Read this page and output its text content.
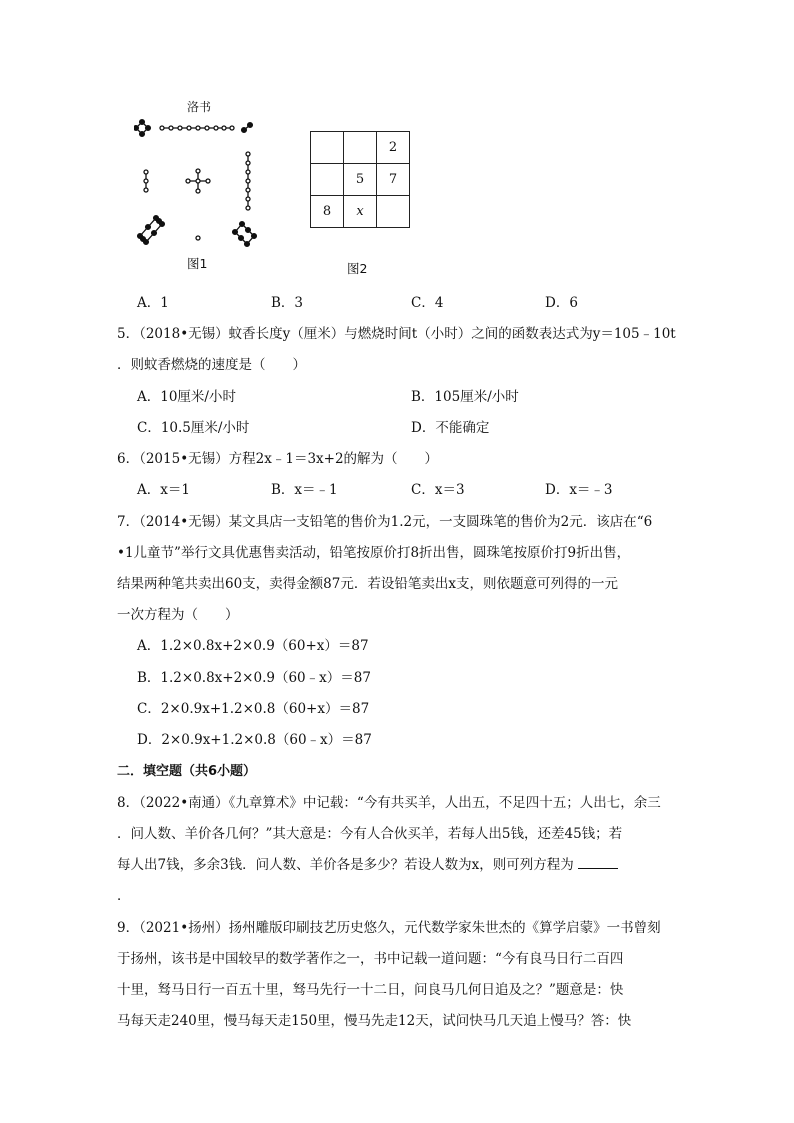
洛书
图1
		2
	5	7
8	x	
图2
A．1	B．3	C．4	D．6
5．（2018•无锡）蚊香长度y（厘米）与燃烧时间t（小时）之间的函数表达式为y＝105﹣10t
．则蚊香燃烧的速度是（　　）
A．10厘米/小时	B．105厘米/小时
C．10.5厘米/小时	D．不能确定
6．（2015•无锡）方程2x﹣1＝3x+2的解为（　　）
A．x＝1	B．x＝﹣1	C．x＝3	D．x＝﹣3
7．（2014•无锡）某文具店一支铅笔的售价为1.2元，一支圆珠笔的售价为2元．该店在“6
•1儿童节”举行文具优惠售卖活动，铅笔按原价打8折出售，圆珠笔按原价打9折出售，
结果两种笔共卖出60支，卖得金额87元．若设铅笔卖出x支，则依题意可列得的一元
一次方程为（　　）
A．1.2×0.8x+2×0.9（60+x）＝87
B．1.2×0.8x+2×0.9（60﹣x）＝87
C．2×0.9x+1.2×0.8（60+x）＝87
D．2×0.9x+1.2×0.8（60﹣x）＝87
二．填空题（共6小题）
8．（2022•南通）《九章算术》中记载：“今有共买羊，人出五，不足四十五；人出七，余三
．问人数、羊价各几何？”其大意是：今有人合伙买羊，若每人出5钱，还差45钱；若
每人出7钱，多余3钱．问人数、羊价各是多少？若设人数为x，则可列方程为
．
9．（2021•扬州）扬州雕版印刷技艺历史悠久，元代数学家朱世杰的《算学启蒙》一书曾刻
于扬州，该书是中国较早的数学著作之一，书中记载一道问题：“今有良马日行二百四
十里，驽马日行一百五十里，驽马先行一十二日，问良马几何日追及之？”题意是：快
马每天走240里，慢马每天走150里，慢马先走12天，试问快马几天追上慢马？答：快
